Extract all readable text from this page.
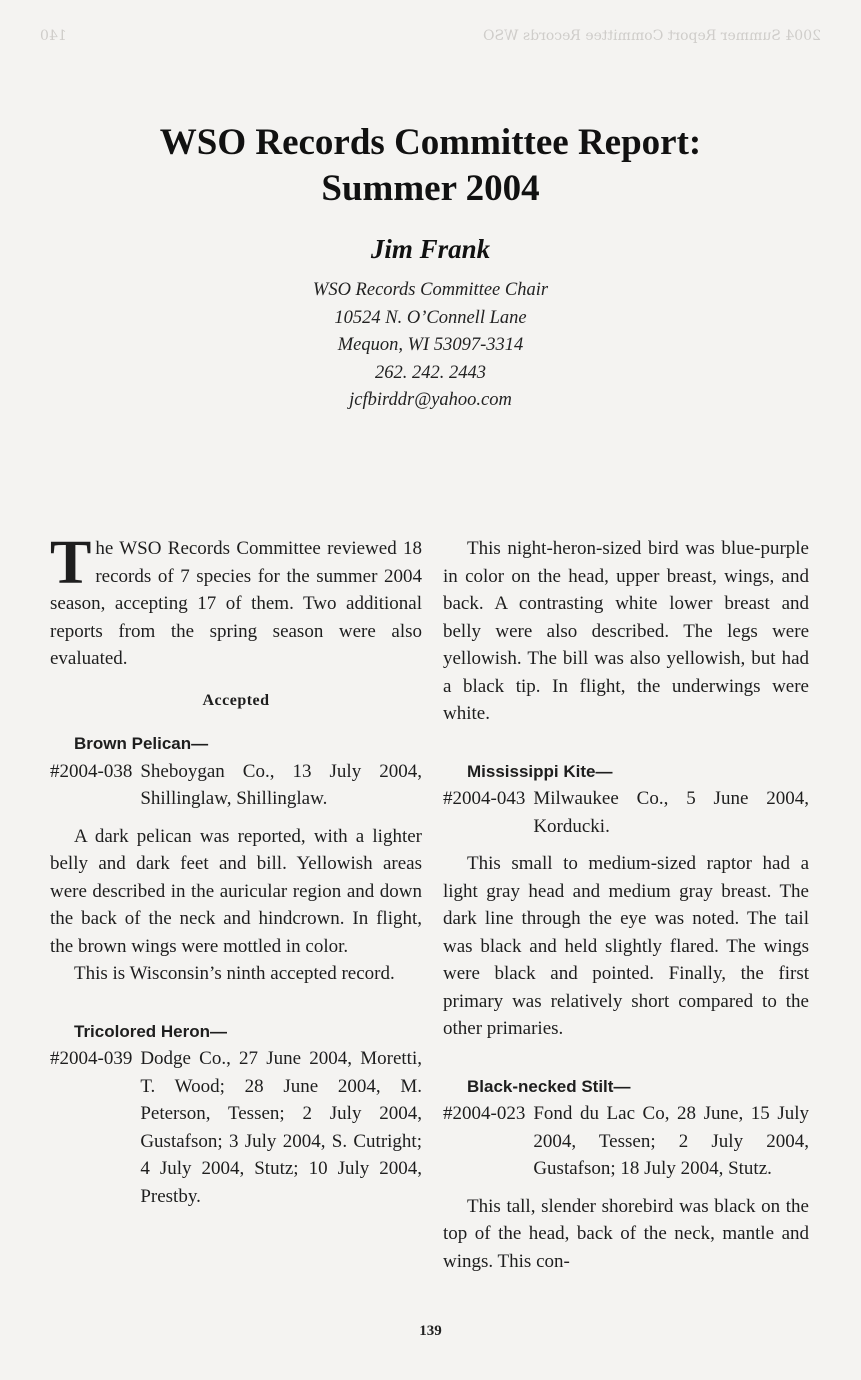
2004 Summer Report Committee Records WSO
140
WSO Records Committee Report:
Summer 2004
Jim Frank
WSO Records Committee Chair
10524 N. O’Connell Lane
Mequon, WI 53097-3314
262. 242. 2443
jcfbirddr@yahoo.com

The WSO Records Committee reviewed 18 records of 7 species for the summer 2004 season, accepting 17 of them. Two additional reports from the spring season were also evaluated.

Accepted
Brown Pelican—
#2004-038 Sheboygan Co., 13 July 2004, Shillinglaw, Shillinglaw.

A dark pelican was reported, with a lighter belly and dark feet and bill. Yellowish areas were described in the auricular region and down the back of the neck and hindcrown. In flight, the brown wings were mottled in color.

This is Wisconsin’s ninth accepted record.

Tricolored Heron—
#2004-039 Dodge Co., 27 June 2004, Moretti, T. Wood; 28 June 2004, M. Peterson, Tessen; 2 July 2004, Gustafson; 3 July 2004, S. Cutright; 4 July 2004, Stutz; 10 July 2004, Prestby.

This night-heron-sized bird was blue-purple in color on the head, upper breast, wings, and back. A contrasting white lower breast and belly were also described. The legs were yellowish. The bill was also yellowish, but had a black tip. In flight, the underwings were white.

Mississippi Kite—
#2004-043 Milwaukee Co., 5 June 2004, Korducki.

This small to medium-sized raptor had a light gray head and medium gray breast. The dark line through the eye was noted. The tail was black and held slightly flared. The wings were black and pointed. Finally, the first primary was relatively short compared to the other primaries.

Black-necked Stilt—
#2004-023 Fond du Lac Co, 28 June, 15 July 2004, Tessen; 2 July 2004, Gustafson; 18 July 2004, Stutz.

This tall, slender shorebird was black on the top of the head, back of the neck, mantle and wings. This con-

139
